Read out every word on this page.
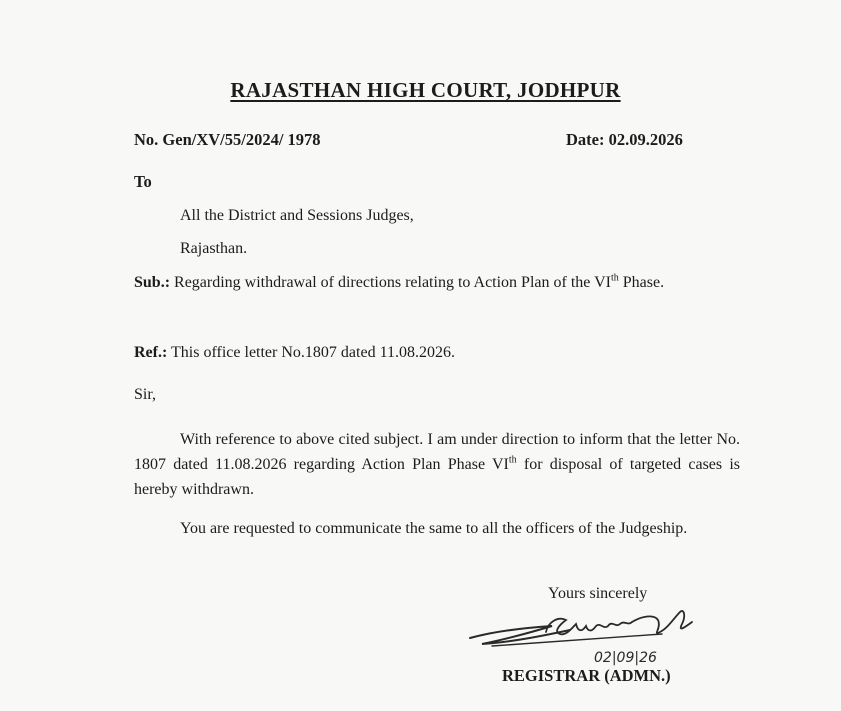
RAJASTHAN HIGH COURT, JODHPUR
No. Gen/XV/55/2024/ 1978	Date: 02.09.2026
To
All the District and Sessions Judges,
Rajasthan.
Sub.: Regarding withdrawal of directions relating to Action Plan of the VIth Phase.
Ref.: This office letter No.1807 dated 11.08.2026.
Sir,
With reference to above cited subject. I am under direction to inform that the letter No. 1807 dated 11.08.2026 regarding Action Plan Phase VIth for disposal of targeted cases is hereby withdrawn.
You are requested to communicate the same to all the officers of the Judgeship.
Yours sincerely
02|09|26
REGISTRAR (ADMN.)
